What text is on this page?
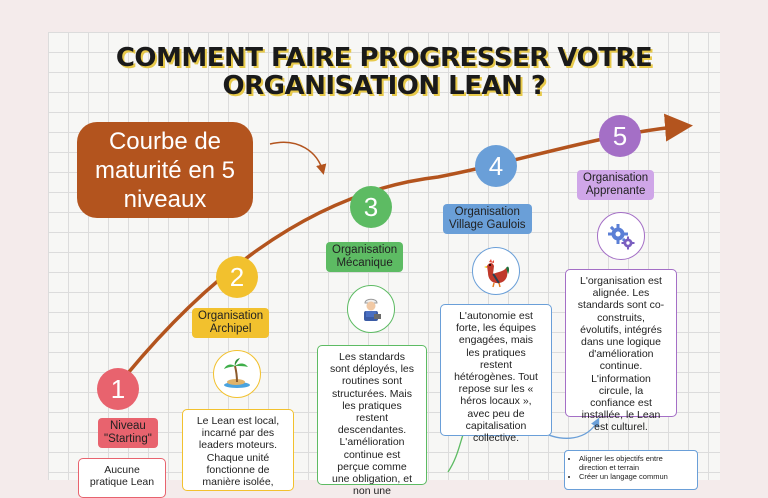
COMMENT FAIRE PROGRESSER VOTRE
ORGANISATION LEAN ?
Courbe de
maturité en 5
niveaux
1
Niveau
"Starting"
Aucune
pratique Lean
2
Organisation
Archipel
Le Lean est local,
incarné par des
leaders moteurs.
Chaque unité
fonctionne de
manière isolée,
3
Organisation
Mécanique
Les standards
sont déployés, les
routines sont
structurées. Mais
les pratiques
restent
descendantes.
L'amélioration
continue est
perçue comme
une obligation, et
non une
4
Organisation
Village Gaulois
L'autonomie est
forte, les équipes
engagées, mais
les pratiques
restent
hétérogènes. Tout
repose sur les «
héros locaux »,
avec peu de
capitalisation
collective.
5
Organisation
Apprenante
L'organisation est
alignée. Les
standards sont co-
construits,
évolutifs, intégrés
dans une logique
d'amélioration
continue.
L'information
circule, la
confiance est
installée, le Lean
est culturel.
• Aligner les objectifs entre direction et terrain
• Créer un langage commun
